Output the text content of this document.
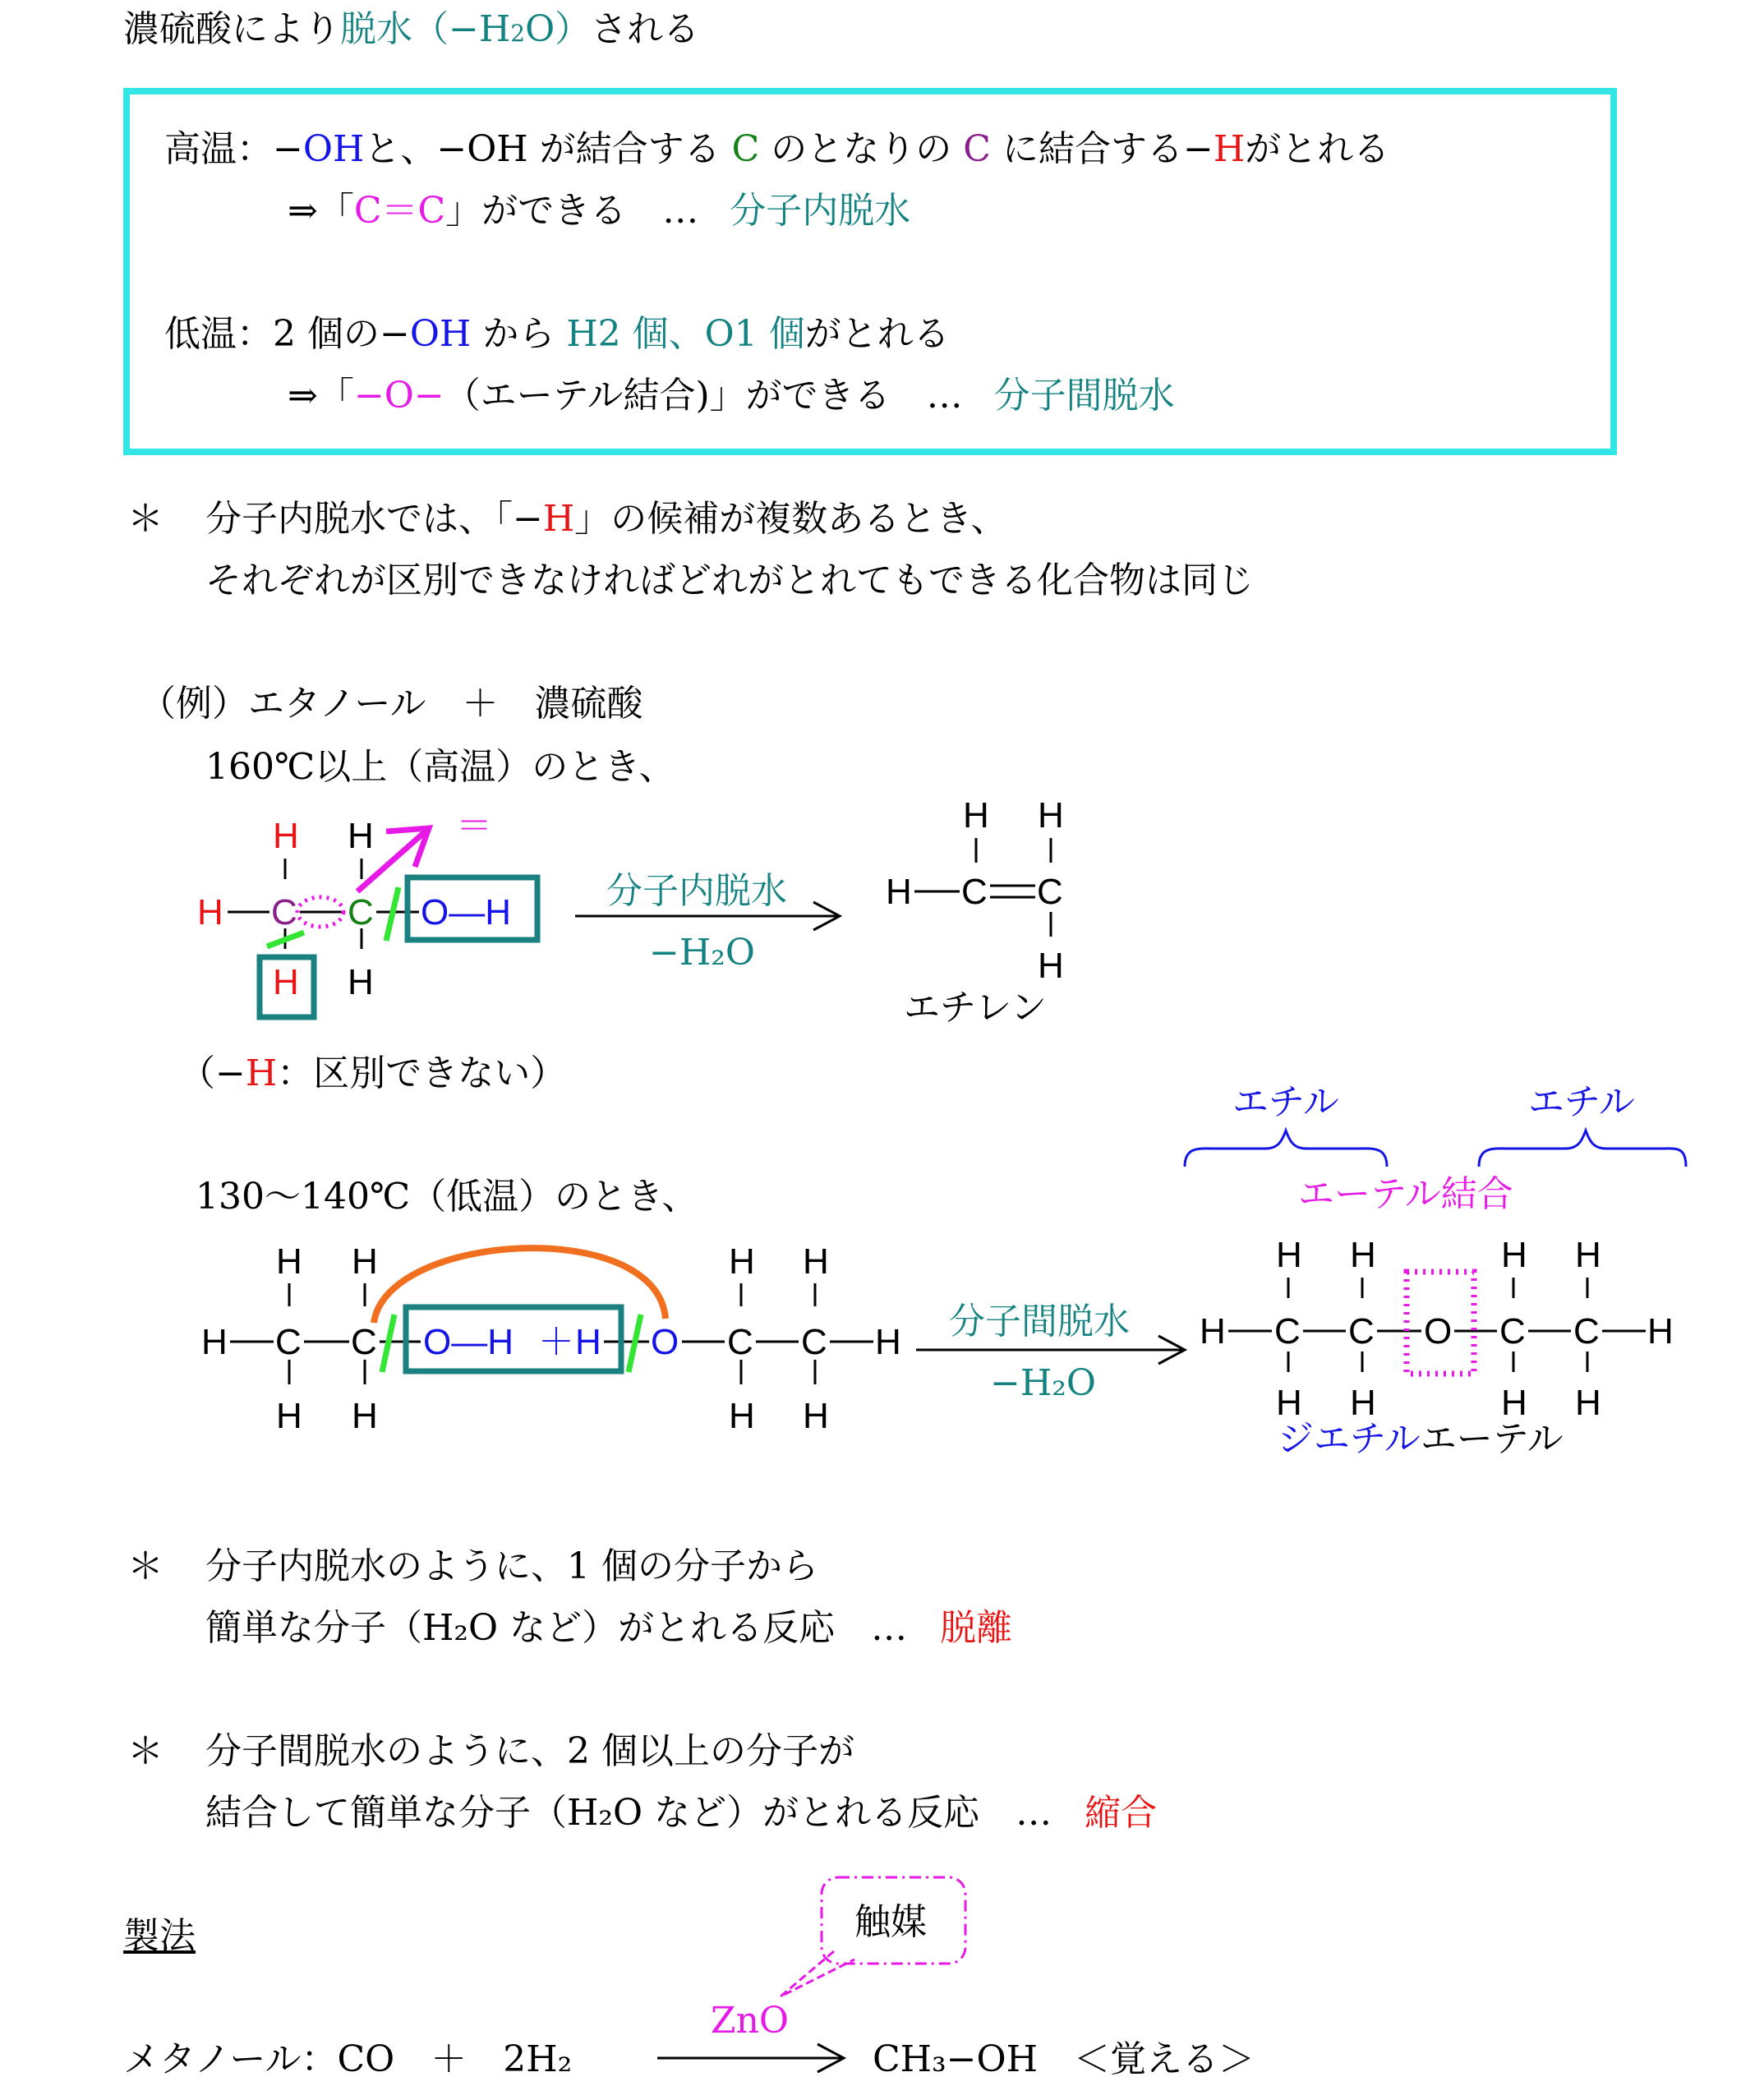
濃硫酸により脱水（−H2O）される
高温：−OHと、−OH が結合する C のとなりの C に結合する−Hがとれる
⇒「C＝C」ができる　… 分子内脱水
低温：2 個の−OH から H2 個、O1 個がとれる
⇒「−O−（エーテル結合)」ができる　… 分子間脱水
＊ 分子内脱水では、「−H」の候補が複数あるとき、
それぞれが区別できなければどれがとれてもできる化合物は同じ
（例）エタノール　＋　濃硫酸
160℃以上（高温）のとき、
H H
H C C O—H
H H
＝	H H
H C C
H
H H
H C C
H H
O—H ＋ H O C C H
H H
H H
H H	H H
H C C O C C H
H H	H H
分子内脱水
−H₂O
エチレン
（−H：区別できない）
エチル	エチル
エーテル結合
130〜140℃（低温）のとき、
分子間脱水
−H₂O
ジエチルエーテル
＊ 分子内脱水のように、1 個の分子から
簡単な分子（H₂O など）がとれる反応　… 脱離
＊ 分子間脱水のように、2 個以上の分子が
結合して簡単な分子（H₂O など）がとれる反応　… 縮合
製法	触媒
ZnO
メタノール：CO　＋　2H₂	CH₃−OH　＜覚える＞
